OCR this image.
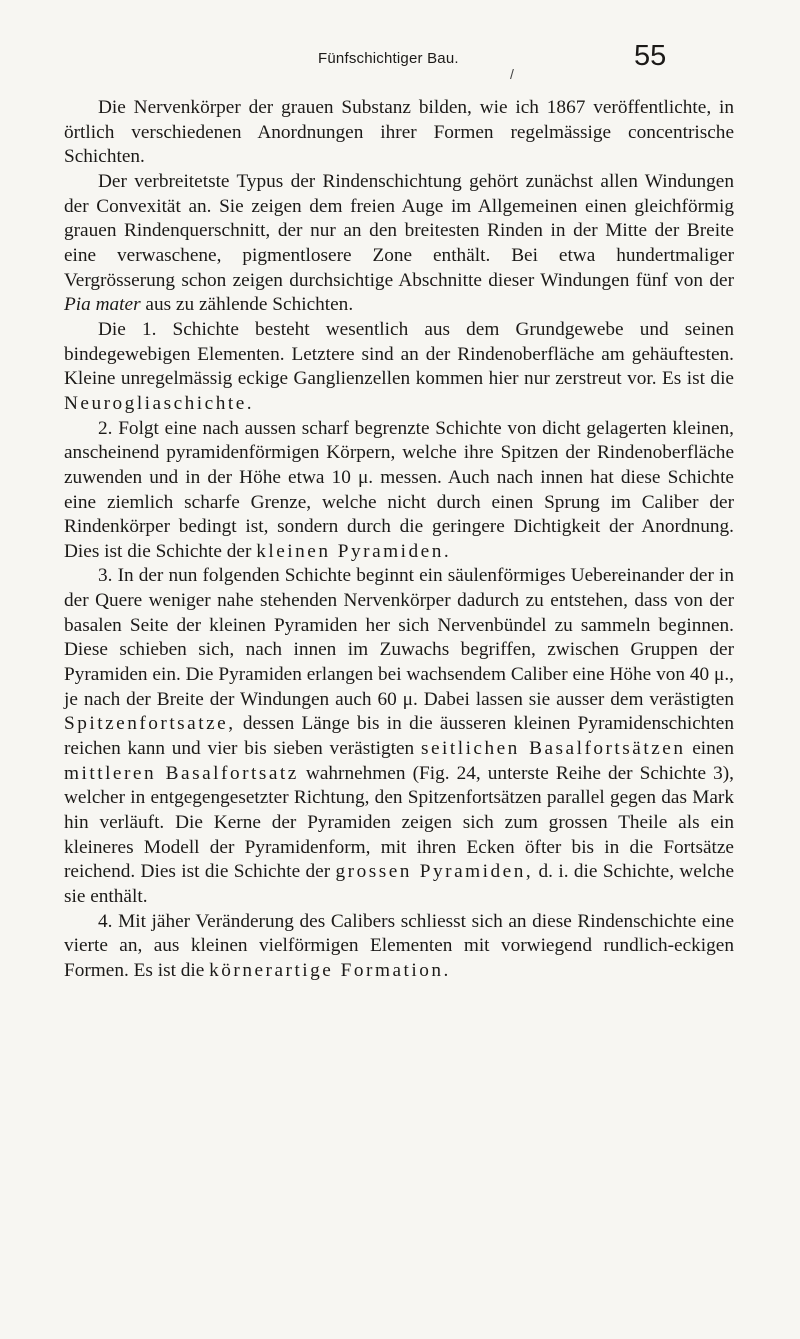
/
Fünfschichtiger Bau.	55

Die Nervenkörper der grauen Substanz bilden, wie ich 1867 veröffentlichte, in örtlich verschiedenen Anordnungen ihrer Formen regelmässige concentrische Schichten.

Der verbreitetste Typus der Rindenschichtung gehört zunächst allen Windungen der Convexität an. Sie zeigen dem freien Auge im Allgemeinen einen gleichförmig grauen Rindenquerschnitt, der nur an den breitesten Rinden in der Mitte der Breite eine verwaschene, pigmentlosere Zone enthält. Bei etwa hundertmaliger Vergrösserung schon zeigen durchsichtige Abschnitte dieser Windungen fünf von der Pia mater aus zu zählende Schichten.

Die 1. Schichte besteht wesentlich aus dem Grundgewebe und seinen bindegewebigen Elementen. Letztere sind an der Rindenoberfläche am gehäuftesten. Kleine unregelmässig eckige Ganglienzellen kommen hier nur zerstreut vor. Es ist die Neurogliaschichte.

2. Folgt eine nach aussen scharf begrenzte Schichte von dicht gelagerten kleinen, anscheinend pyramidenförmigen Körpern, welche ihre Spitzen der Rindenoberfläche zuwenden und in der Höhe etwa 10 μ. messen. Auch nach innen hat diese Schichte eine ziemlich scharfe Grenze, welche nicht durch einen Sprung im Caliber der Rindenkörper bedingt ist, sondern durch die geringere Dichtigkeit der Anordnung. Dies ist die Schichte der kleinen Pyramiden.

3. In der nun folgenden Schichte beginnt ein säulenförmiges Uebereinander der in der Quere weniger nahe stehenden Nervenkörper dadurch zu entstehen, dass von der basalen Seite der kleinen Pyramiden her sich Nervenbündel zu sammeln beginnen. Diese schieben sich, nach innen im Zuwachs begriffen, zwischen Gruppen der Pyramiden ein. Die Pyramiden erlangen bei wachsendem Caliber eine Höhe von 40 μ., je nach der Breite der Windungen auch 60 μ. Dabei lassen sie ausser dem verästigten Spitzenfortsatze, dessen Länge bis in die äusseren kleinen Pyramidenschichten reichen kann und vier bis sieben verästigten seitlichen Basalfortsätzen einen mittleren Basalfortsatz wahrnehmen (Fig. 24, unterste Reihe der Schichte 3), welcher in entgegengesetzter Richtung, den Spitzenfortsätzen parallel gegen das Mark hin verläuft. Die Kerne der Pyramiden zeigen sich zum grossen Theile als ein kleineres Modell der Pyramidenform, mit ihren Ecken öfter bis in die Fortsätze reichend. Dies ist die Schichte der grossen Pyramiden, d. i. die Schichte, welche sie enthält.

4. Mit jäher Veränderung des Calibers schliesst sich an diese Rindenschichte eine vierte an, aus kleinen vielförmigen Elementen mit vorwiegend rundlich-eckigen Formen. Es ist die körnerartige Formation.
